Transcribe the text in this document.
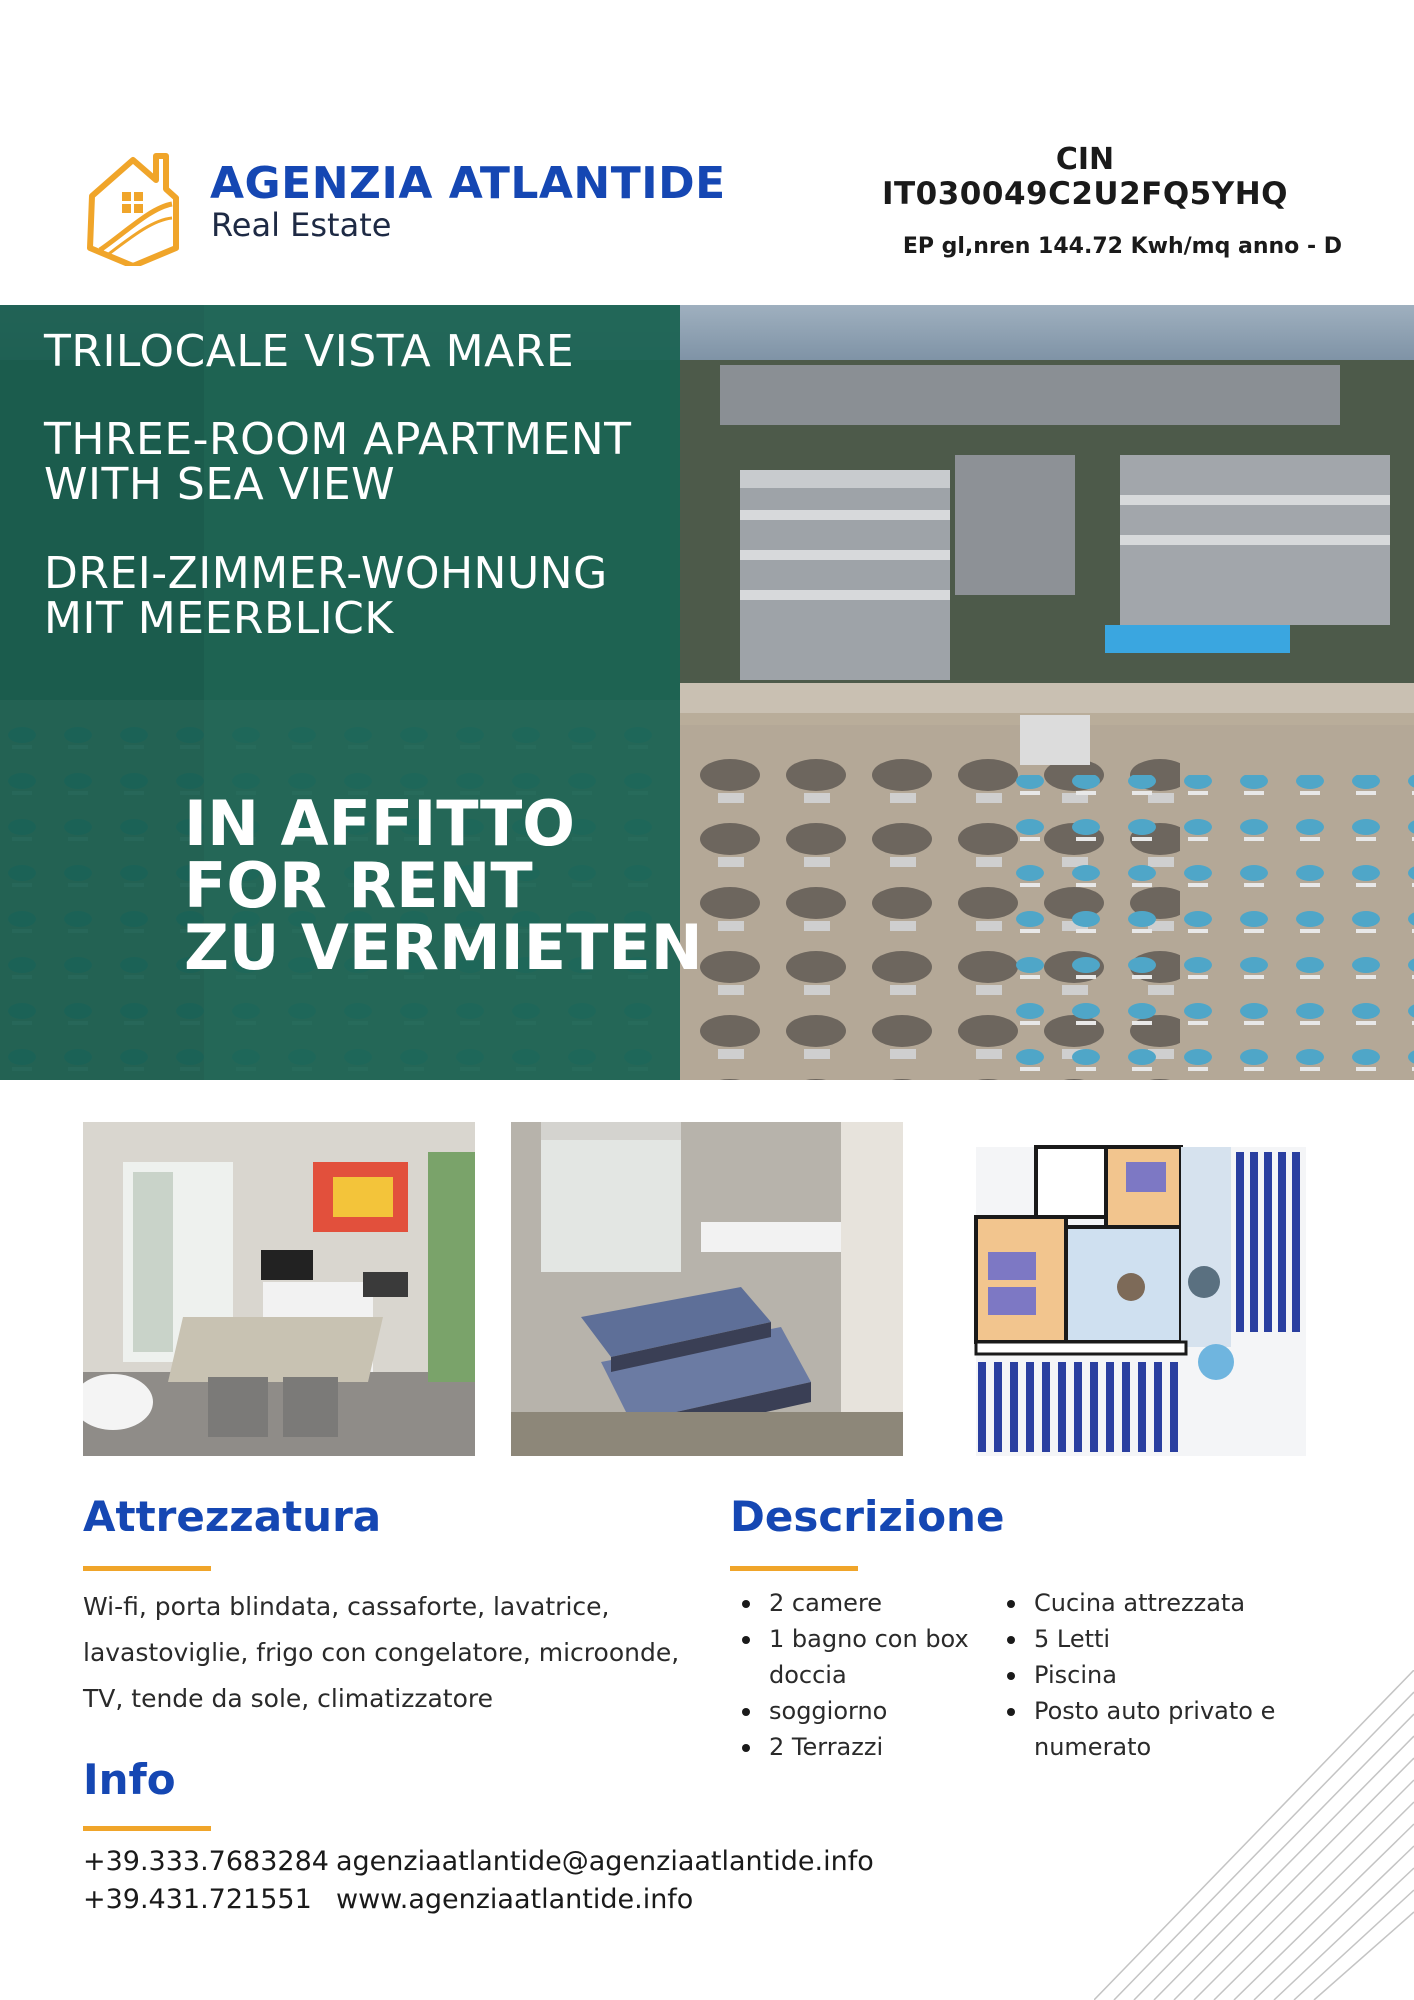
AGENZIA ATLANTIDE
Real Estate
CIN
IT030049C2U2FQ5YHQ
EP gl,nren 144.72 Kwh/mq anno - D
TRILOCALE VISTA MARE
THREE-ROOM APARTMENT
WITH SEA VIEW
DREI-ZIMMER-WOHNUNG
MIT MEERBLICK
IN AFFITTO
FOR RENT
ZU VERMIETEN
Attrezzatura
Wi-fi, porta blindata, cassaforte, lavatrice, lavastoviglie, frigo con congelatore, microonde, TV, tende da sole, climatizzatore
Descrizione
2 camere
1 bagno con box doccia
soggiorno
2 Terrazzi
Cucina attrezzata
5 Letti
Piscina
Posto auto privato e numerato
Info
+39.333.7683284
+39.431.721551
agenziaatlantide@agenziaatlantide.info
www.agenziaatlantide.info
